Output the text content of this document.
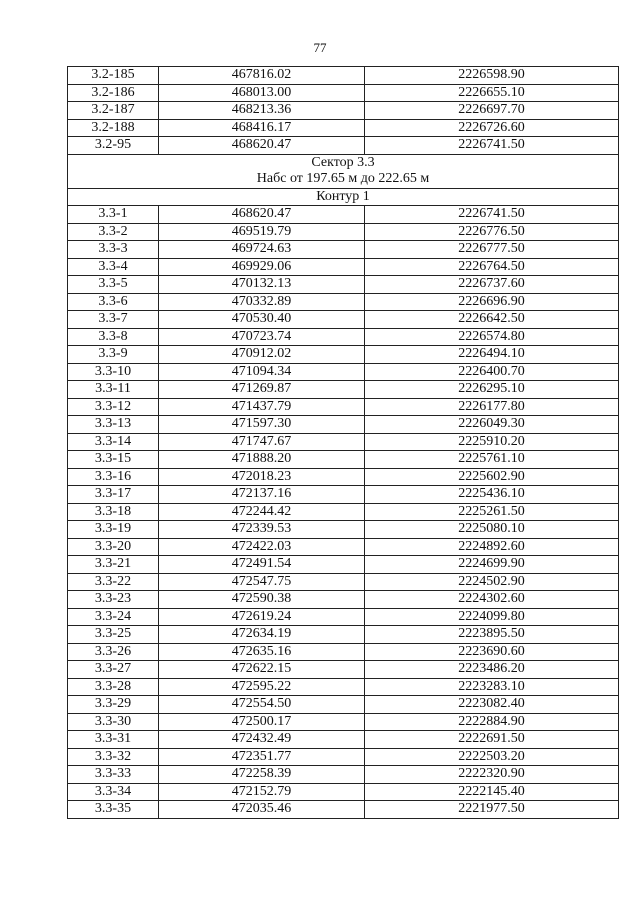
77
3.2-185	467816.02	2226598.90
3.2-186	468013.00	2226655.10
3.2-187	468213.36	2226697.70
3.2-188	468416.17	2226726.60
3.2-95	468620.47	2226741.50

Сектор 3.3
Набс от 197.65 м до 222.65 м		

Контур 1		
3.3-1	468620.47	2226741.50
3.3-2	469519.79	2226776.50
3.3-3	469724.63	2226777.50
3.3-4	469929.06	2226764.50
3.3-5	470132.13	2226737.60
3.3-6	470332.89	2226696.90
3.3-7	470530.40	2226642.50
3.3-8	470723.74	2226574.80
3.3-9	470912.02	2226494.10
3.3-10	471094.34	2226400.70
3.3-11	471269.87	2226295.10
3.3-12	471437.79	2226177.80
3.3-13	471597.30	2226049.30
3.3-14	471747.67	2225910.20
3.3-15	471888.20	2225761.10
3.3-16	472018.23	2225602.90
3.3-17	472137.16	2225436.10
3.3-18	472244.42	2225261.50
3.3-19	472339.53	2225080.10
3.3-20	472422.03	2224892.60
3.3-21	472491.54	2224699.90
3.3-22	472547.75	2224502.90
3.3-23	472590.38	2224302.60
3.3-24	472619.24	2224099.80
3.3-25	472634.19	2223895.50
3.3-26	472635.16	2223690.60
3.3-27	472622.15	2223486.20
3.3-28	472595.22	2223283.10
3.3-29	472554.50	2223082.40
3.3-30	472500.17	2222884.90
3.3-31	472432.49	2222691.50
3.3-32	472351.77	2222503.20
3.3-33	472258.39	2222320.90
3.3-34	472152.79	2222145.40
3.3-35	472035.46	2221977.50
